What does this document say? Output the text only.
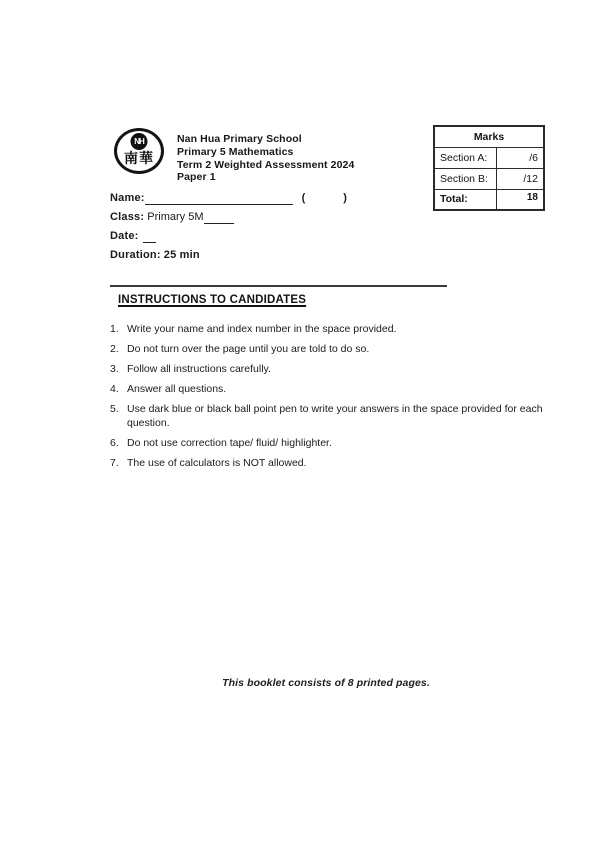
NH
南華
Nan Hua Primary School
Primary 5 Mathematics
Term 2 Weighted Assessment 2024
Paper 1
Marks	
Section A:	/6
Section B:	/12
Total:	18
Name:	(	)
Class: Primary 5M
Date:
Duration: 25 min
INSTRUCTIONS TO CANDIDATES
1. Write your name and index number in the space provided.
2. Do not turn over the page until you are told to do so.
3. Follow all instructions carefully.
4. Answer all questions.
5. Use dark blue or black ball point pen to write your answers in the space provided for each question.
6. Do not use correction tape/ fluid/ highlighter.
7. The use of calculators is NOT allowed.
This booklet consists of 8 printed pages.
